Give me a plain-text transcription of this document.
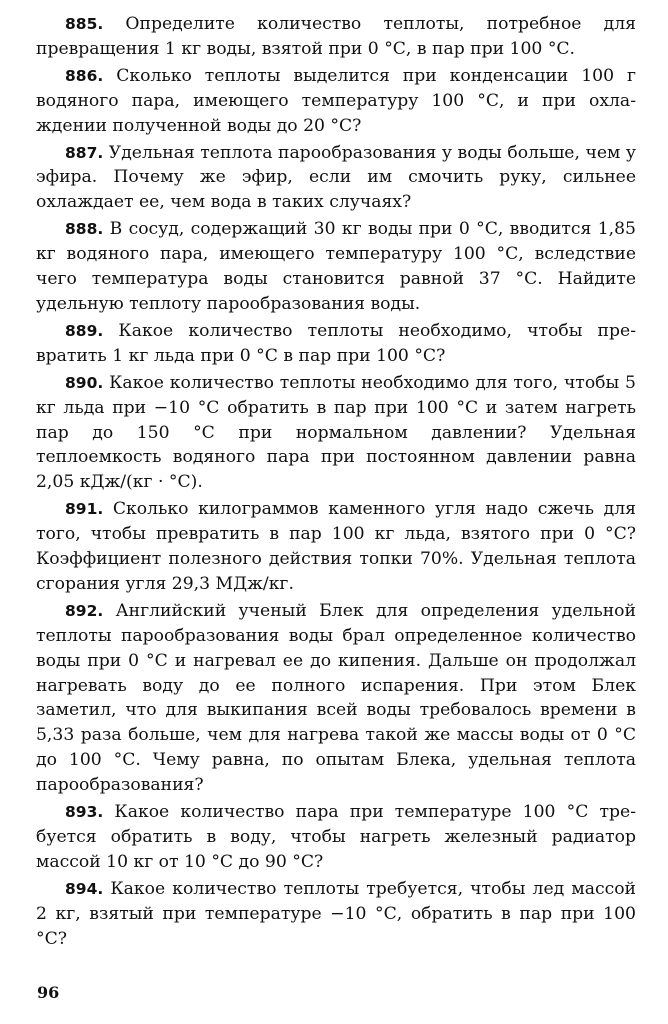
885. Определите количество теплоты, потребное для превращения 1 кг воды, взятой при 0 °С, в пар при 100 °С.

886. Сколько теплоты выделится при конденсации 100 г водяного пара, имеющего температуру 100 °С, и при охлаждении полученной воды до 20 °С?

887. Удельная теплота парообразования у воды больше, чем у эфира. Почему же эфир, если им смочить руку, сильнее охлаждает ее, чем вода в таких случаях?

888. В сосуд, содержащий 30 кг воды при 0 °С, вводится 1,85 кг водяного пара, имеющего температуру 100 °С, вследствие чего температура воды становится равной 37 °С. Найдите удельную теплоту парообразования воды.

889. Какое количество теплоты необходимо, чтобы превратить 1 кг льда при 0 °С в пар при 100 °С?

890. Какое количество теплоты необходимо для того, чтобы 5 кг льда при −10 °С обратить в пар при 100 °С и затем нагреть пар до 150 °С при нормальном давлении? Удельная теплоемкость водяного пара при постоянном давлении равна 2,05 кДж/(кг · °С).

891. Сколько килограммов каменного угля надо сжечь для того, чтобы превратить в пар 100 кг льда, взятого при 0 °С? Коэффициент полезного действия топки 70%. Удельная теплота сгорания угля 29,3 МДж/кг.

892. Английский ученый Блек для определения удельной теплоты парообразования воды брал определенное количество воды при 0 °С и нагревал ее до кипения. Дальше он продолжал нагревать воду до ее полного испарения. При этом Блек заметил, что для выкипания всей воды требовалось времени в 5,33 раза больше, чем для нагрева такой же массы воды от 0 °С до 100 °С. Чему равна, по опытам Блека, удельная теплота парообразования?

893. Какое количество пара при температуре 100 °С требуется обратить в воду, чтобы нагреть железный радиатор массой 10 кг от 10 °С до 90 °С?

894. Какое количество теплоты требуется, чтобы лед массой 2 кг, взятый при температуре −10 °С, обратить в пар при 100 °С?

96
